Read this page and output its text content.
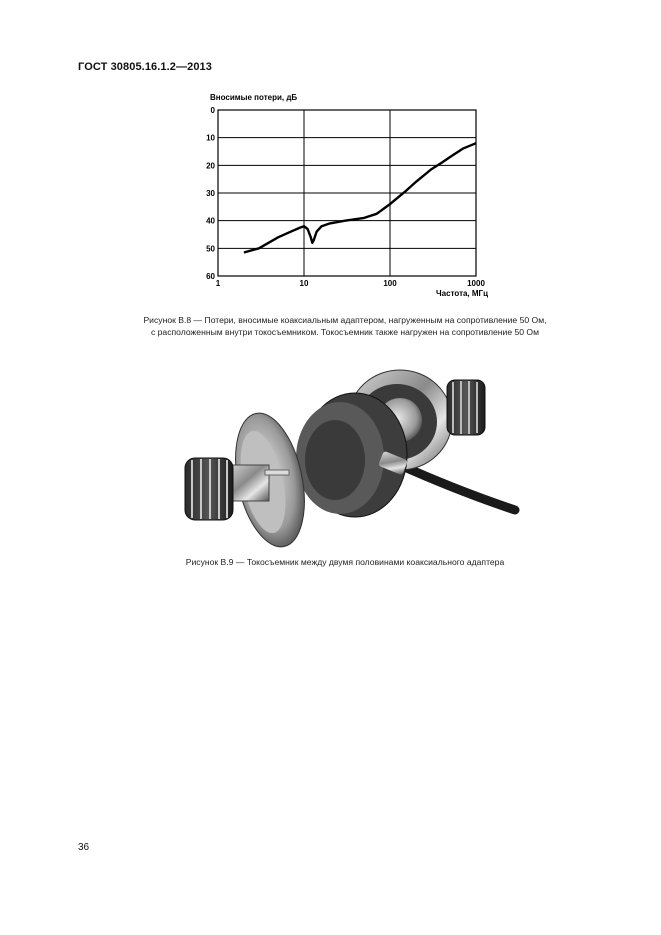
ГОСТ 30805.16.1.2—2013
0
10
20
30
40
50
60
1	10	100	1000
Вносимые потери, дБ
Частота, МГц
Рисунок В.8 — Потери, вносимые коаксиальным адаптером, нагруженным на сопротивление 50 Ом,
с расположенным внутри токосъемником. Токосъемник также нагружен на сопротивление 50 Ом
Рисунок В.9 — Токосъемник между двумя половинами коаксиального адаптера
36
